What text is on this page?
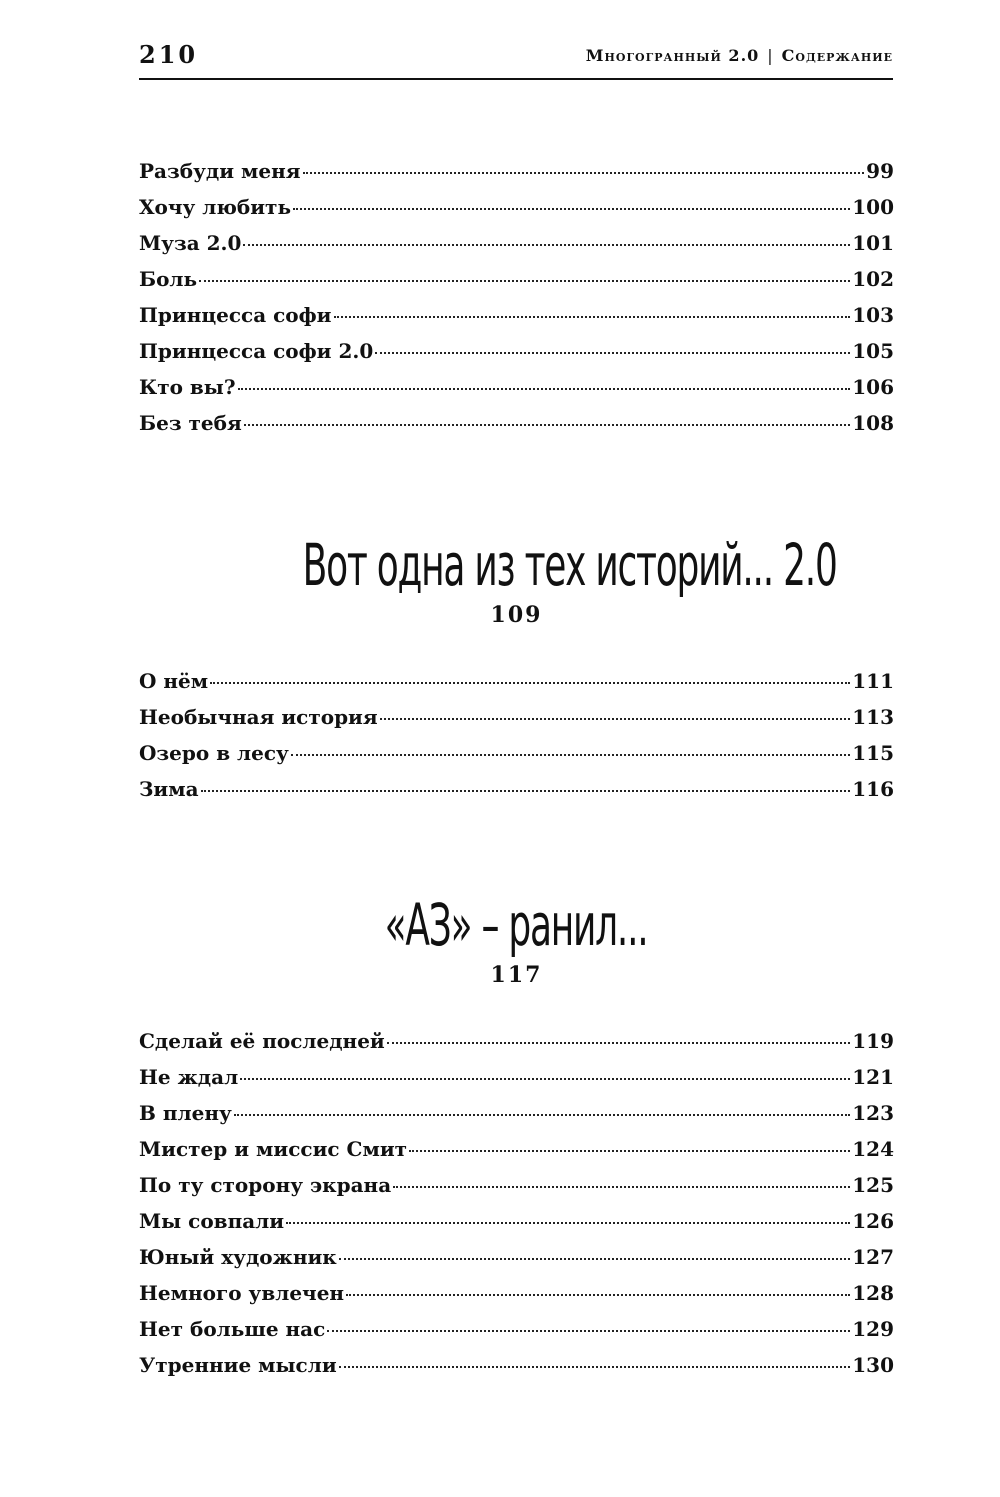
210	Многогранный 2.0 | Содержание
Разбуди меня	99
Хочу любить	100
Муза 2.0	101
Боль	102
Принцесса софи	103
Принцесса софи 2.0	105
Кто вы?	106
Без тебя	108
Вот одна из тех историй... 2.0
109
О нём	111
Необычная история	113
Озеро в лесу	115
Зима	116
«АЗ» – ранил...
117
Сделай её последней	119
Не ждал	121
В плену	123
Мистер и миссис Смит	124
По ту сторону экрана	125
Мы совпали	126
Юный художник	127
Немного увлечен	128
Нет больше нас	129
Утренние мысли	130
